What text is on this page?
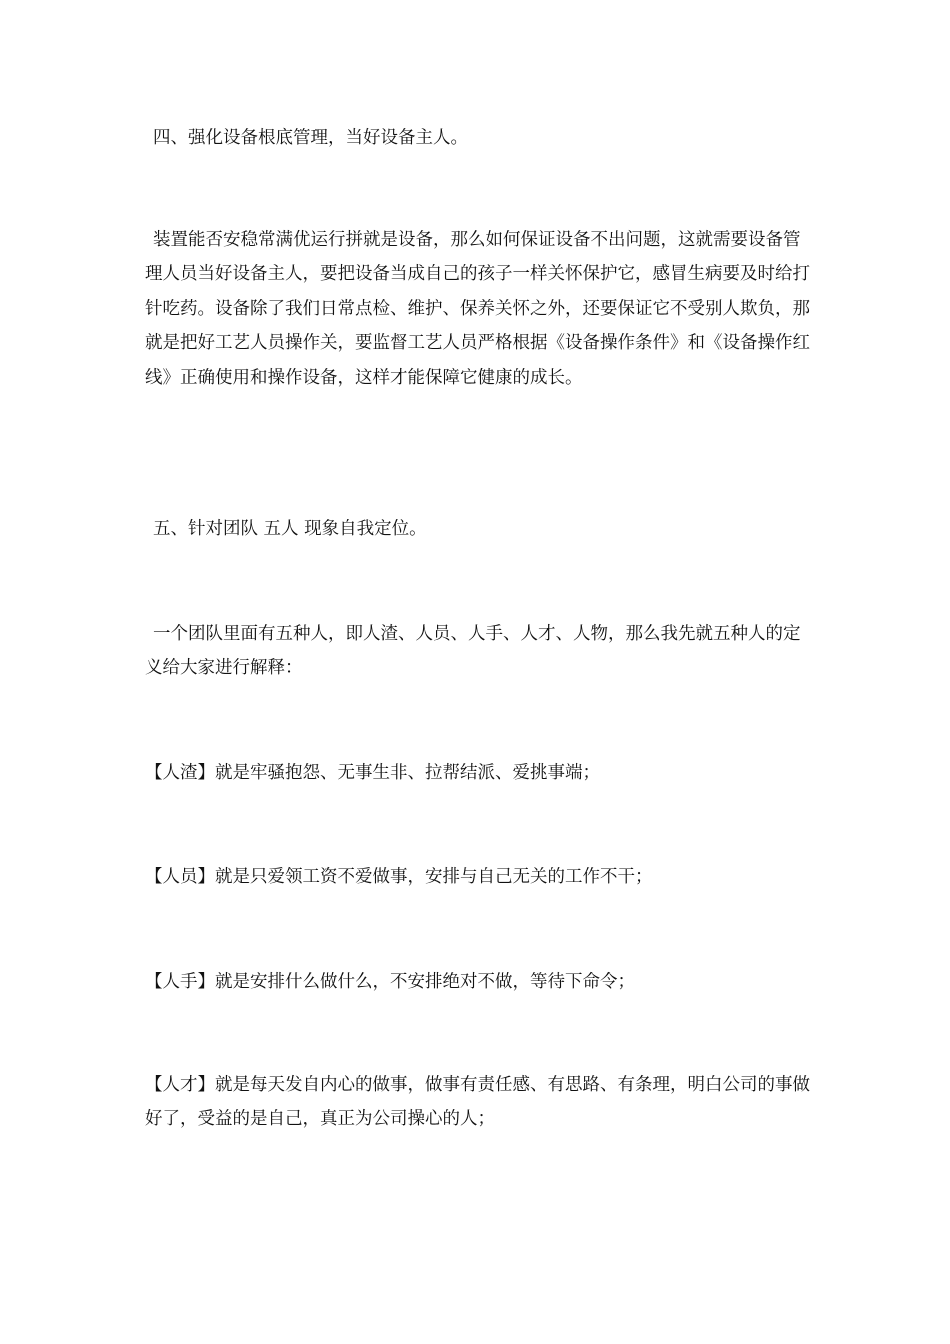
四、强化设备根底管理，当好设备主人。

装置能否安稳常满优运行拼就是设备，那么如何保证设备不出问题，这就需要设备管理人员当好设备主人，要把设备当成自己的孩子一样关怀保护它，感冒生病要及时给打针吃药。设备除了我们日常点检、维护、保养关怀之外，还要保证它不受别人欺负，那就是把好工艺人员操作关，要监督工艺人员严格根据《设备操作条件》和《设备操作红线》正确使用和操作设备，这样才能保障它健康的成长。

五、针对团队 五人 现象自我定位。

一个团队里面有五种人，即人渣、人员、人手、人才、人物，那么我先就五种人的定义给大家进行解释：

【人渣】就是牢骚抱怨、无事生非、拉帮结派、爱挑事端；

【人员】就是只爱领工资不爱做事，安排与自己无关的工作不干；

【人手】就是安排什么做什么，不安排绝对不做，等待下命令；

【人才】就是每天发自内心的做事，做事有责任感、有思路、有条理，明白公司的事做好了，受益的是自己，真正为公司操心的人；
